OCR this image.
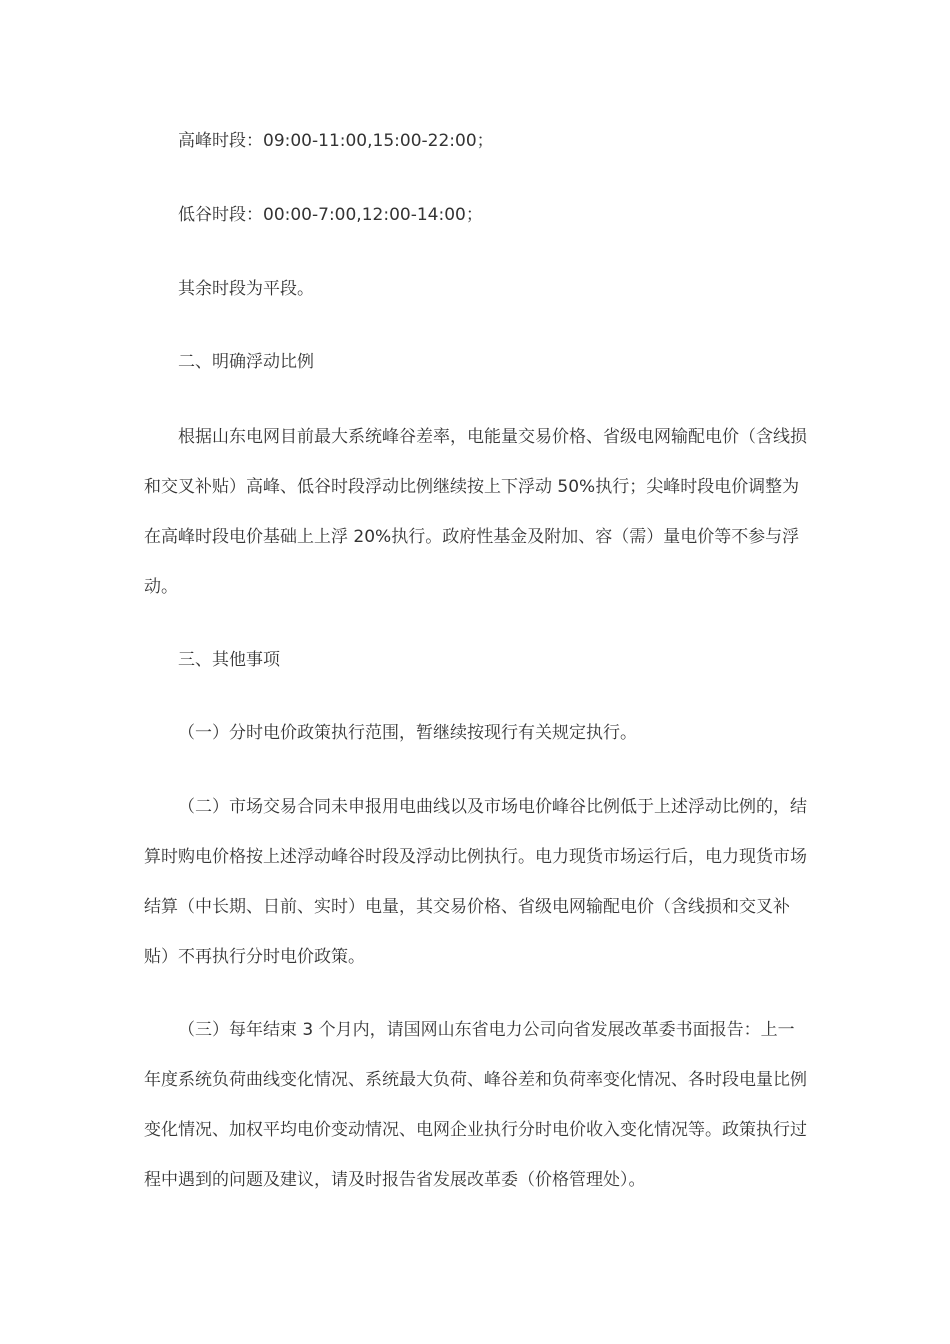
高峰时段：09:00-11:00,15:00-22:00；

低谷时段：00:00-7:00,12:00-14:00；

其余时段为平段。

二、明确浮动比例

根据山东电网目前最大系统峰谷差率，电能量交易价格、省级电网输配电价（含线损和交叉补贴）高峰、低谷时段浮动比例继续按上下浮动 50%执行；尖峰时段电价调整为在高峰时段电价基础上上浮 20%执行。政府性基金及附加、容（需）量电价等不参与浮动。

三、其他事项

（一）分时电价政策执行范围，暂继续按现行有关规定执行。

（二）市场交易合同未申报用电曲线以及市场电价峰谷比例低于上述浮动比例的，结算时购电价格按上述浮动峰谷时段及浮动比例执行。电力现货市场运行后，电力现货市场结算（中长期、日前、实时）电量，其交易价格、省级电网输配电价（含线损和交叉补贴）不再执行分时电价政策。

（三）每年结束 3 个月内，请国网山东省电力公司向省发展改革委书面报告：上一年度系统负荷曲线变化情况、系统最大负荷、峰谷差和负荷率变化情况、各时段电量比例变化情况、加权平均电价变动情况、电网企业执行分时电价收入变化情况等。政策执行过程中遇到的问题及建议，请及时报告省发展改革委（价格管理处）。
